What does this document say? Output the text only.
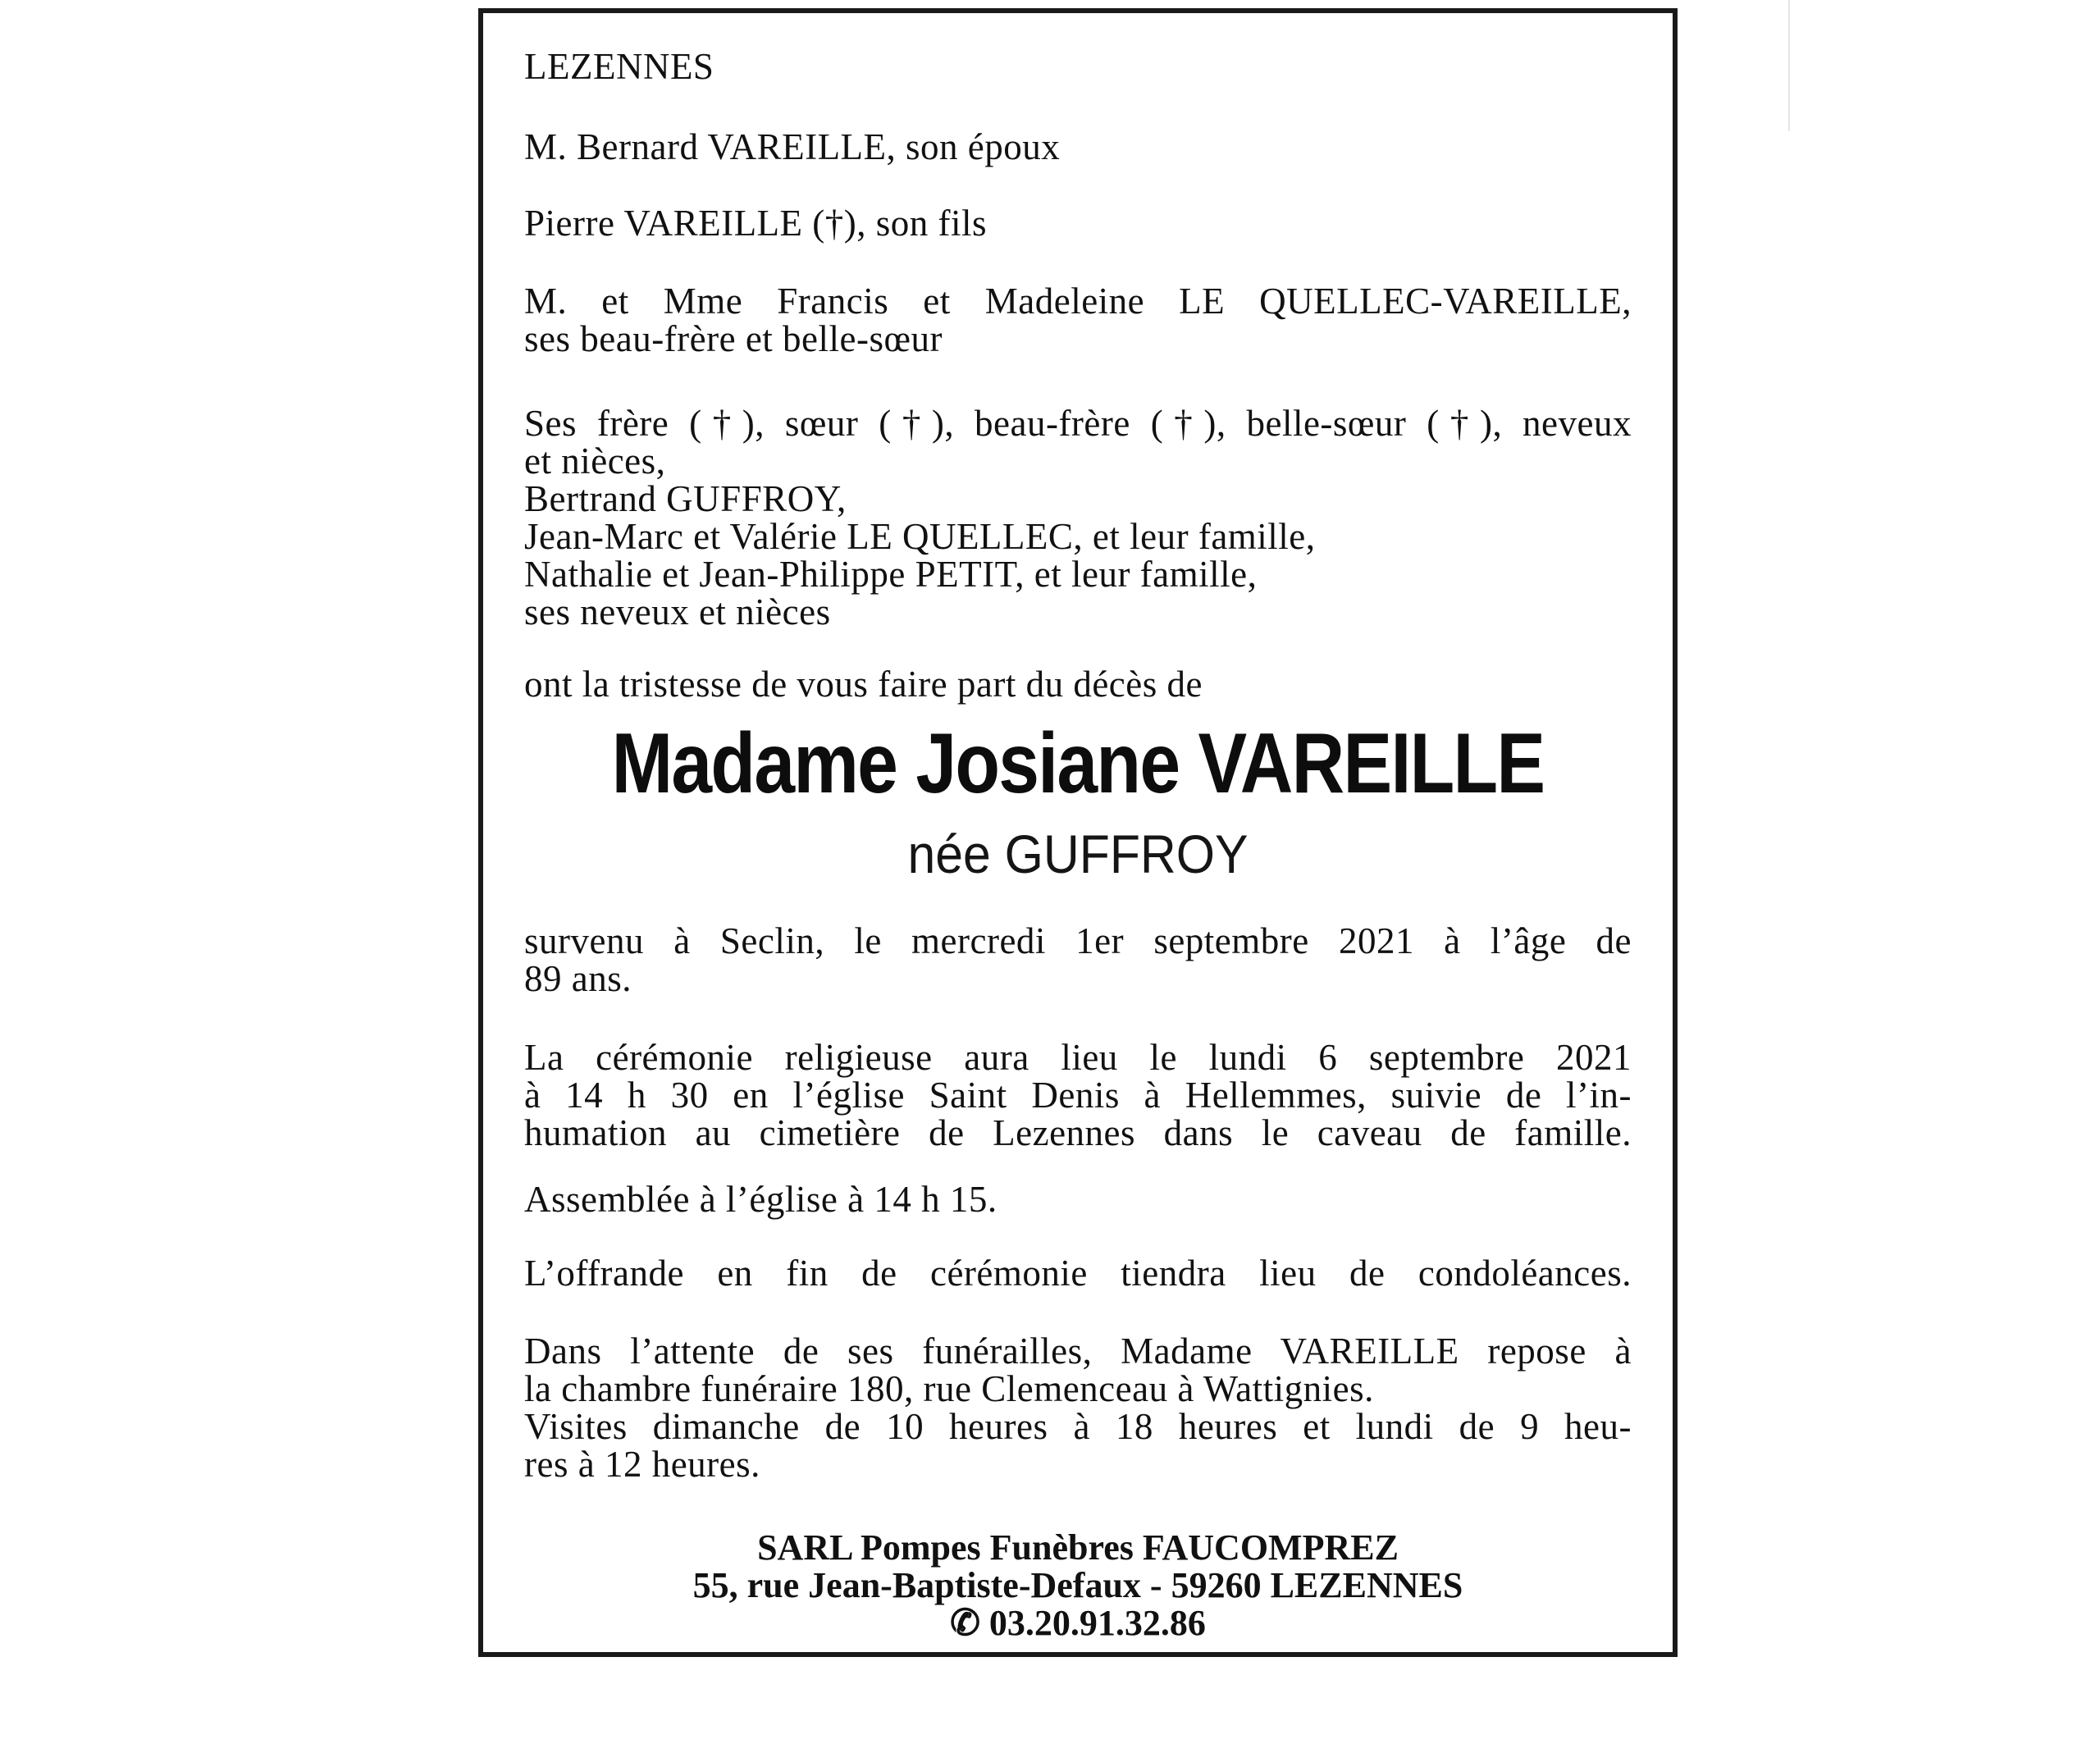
LEZENNES

M. Bernard VAREILLE, son époux

Pierre VAREILLE (†), son fils

M. et Mme Francis et Madeleine LE QUELLEC-VAREILLE,

ses beau-frère et belle-sœur

Ses frère (†), sœur (†), beau-frère (†), belle-sœur (†), neveux

et nièces,

Bertrand GUFFROY,

Jean-Marc et Valérie LE QUELLEC, et leur famille,

Nathalie et Jean-Philippe PETIT, et leur famille,

ses neveux et nièces

ont la tristesse de vous faire part du décès de

Madame Josiane VAREILLE
née GUFFROY

survenu à Seclin, le mercredi 1er septembre 2021 à l’âge de

89 ans.

La cérémonie religieuse aura lieu le lundi 6 septembre 2021

à 14 h 30 en l’église Saint Denis à Hellemmes, suivie de l’in-

humation au cimetière de Lezennes dans le caveau de famille.

Assemblée à l’église à 14 h 15.

L’offrande en fin de cérémonie tiendra lieu de condoléances.

Dans l’attente de ses funérailles, Madame VAREILLE repose à

la chambre funéraire 180, rue Clemenceau à Wattignies.

Visites dimanche de 10 heures à 18 heures et lundi de 9 heu-

res à 12 heures.

SARL Pompes Funèbres FAUCOMPREZ
55, rue Jean-Baptiste-Defaux - 59260 LEZENNES
✆ 03.20.91.32.86
